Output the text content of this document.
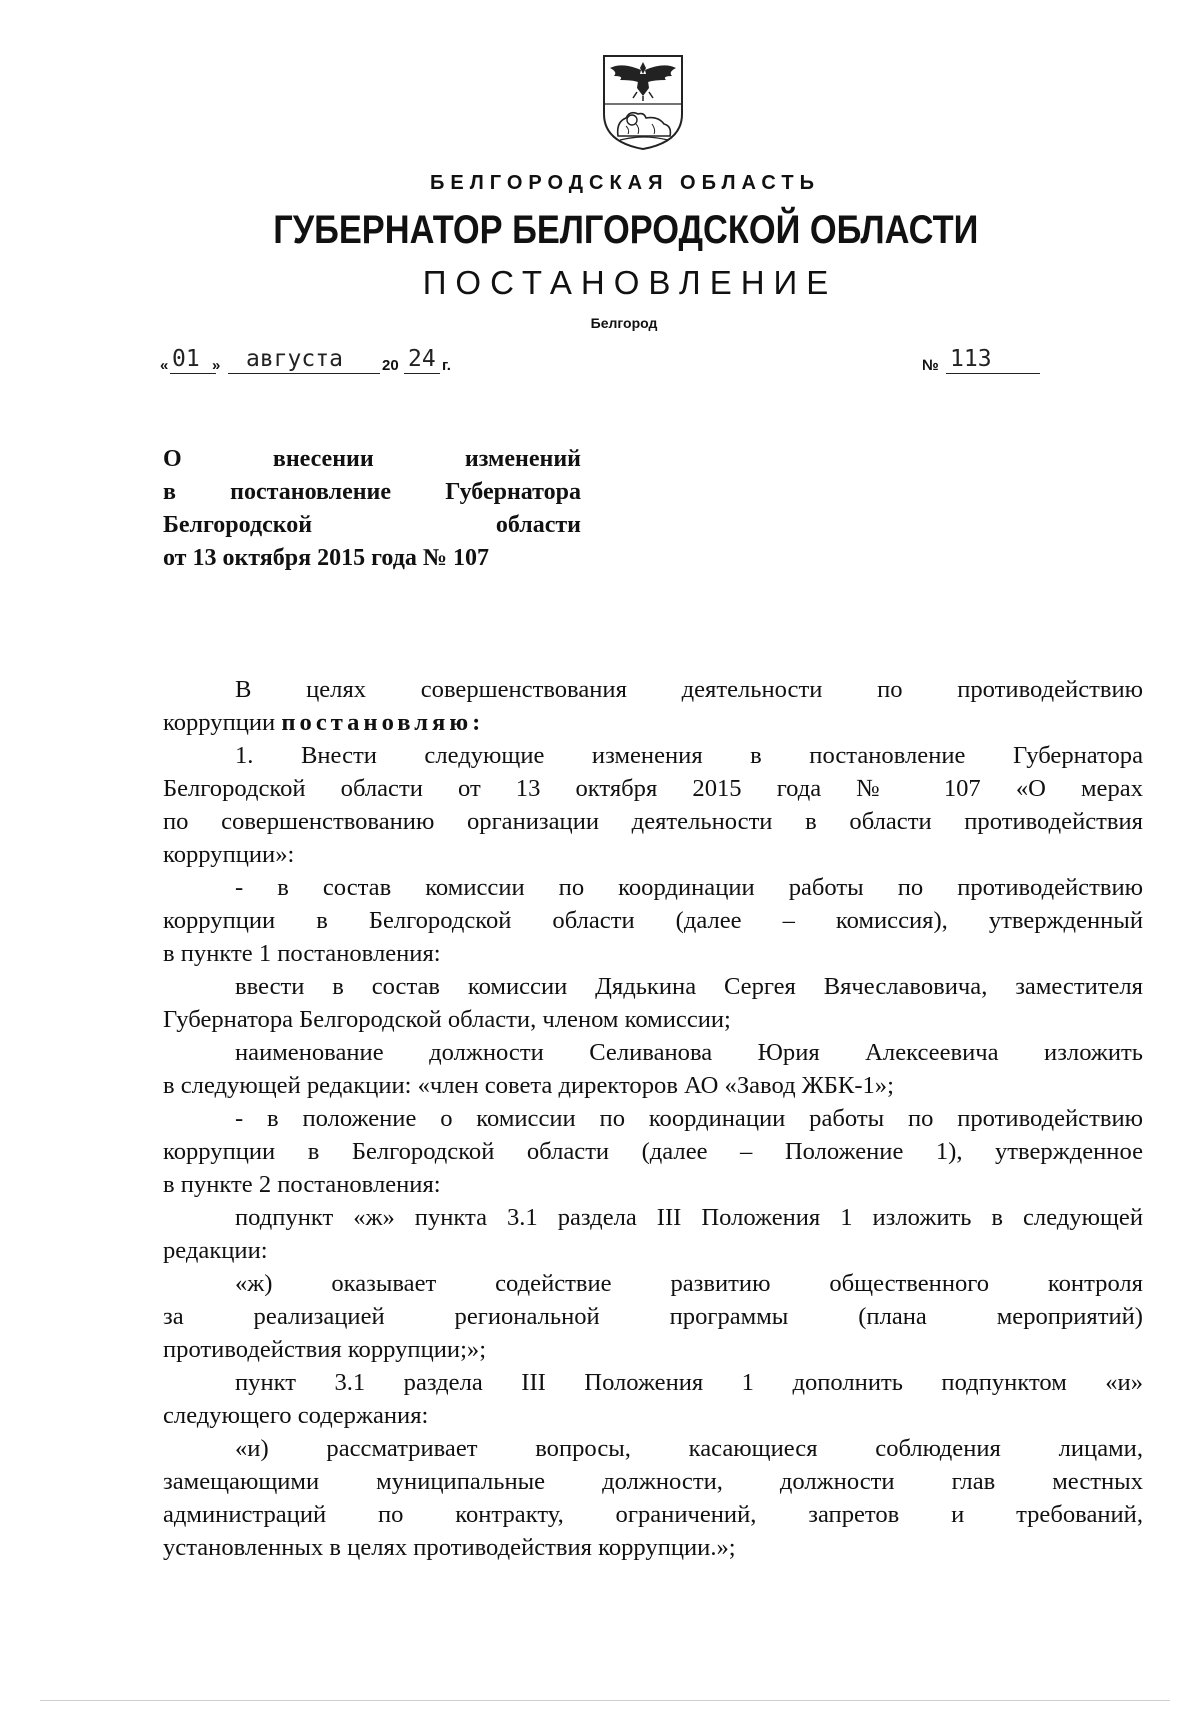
БЕЛГОРОДСКАЯ ОБЛАСТЬ
ГУБЕРНАТОР БЕЛГОРОДСКОЙ ОБЛАСТИ
ПОСТАНОВЛЕНИЕ
Белгород
« 01 » августа	20 24 г.	№ 113
О внесении изменений
в постановление Губернатора
Белгородской области
от 13 октября 2015 года № 107
В целях совершенствования деятельности по противодействию
коррупции постановляю:
1. Внести следующие изменения в постановление Губернатора
Белгородской области от 13 октября 2015 года № 107 «О мерах
по совершенствованию организации деятельности в области противодействия
коррупции»:
- в состав комиссии по координации работы по противодействию
коррупции в Белгородской области (далее – комиссия), утвержденный
в пункте 1 постановления:
ввести в состав комиссии Дядькина Сергея Вячеславовича, заместителя
Губернатора Белгородской области, членом комиссии;
наименование должности Селиванова Юрия Алексеевича изложить
в следующей редакции: «член совета директоров АО «Завод ЖБК-1»;
- в положение о комиссии по координации работы по противодействию
коррупции в Белгородской области (далее – Положение 1), утвержденное
в пункте 2 постановления:
подпункт «ж» пункта 3.1 раздела III Положения 1 изложить в следующей
редакции:
«ж) оказывает содействие развитию общественного контроля
за реализацией региональной программы (плана мероприятий)
противодействия коррупции;»;
пункт 3.1 раздела III Положения 1 дополнить подпунктом «и»
следующего содержания:
«и) рассматривает вопросы, касающиеся соблюдения лицами,
замещающими муниципальные должности, должности глав местных
администраций по контракту, ограничений, запретов и требований,
установленных в целях противодействия коррупции.»;
